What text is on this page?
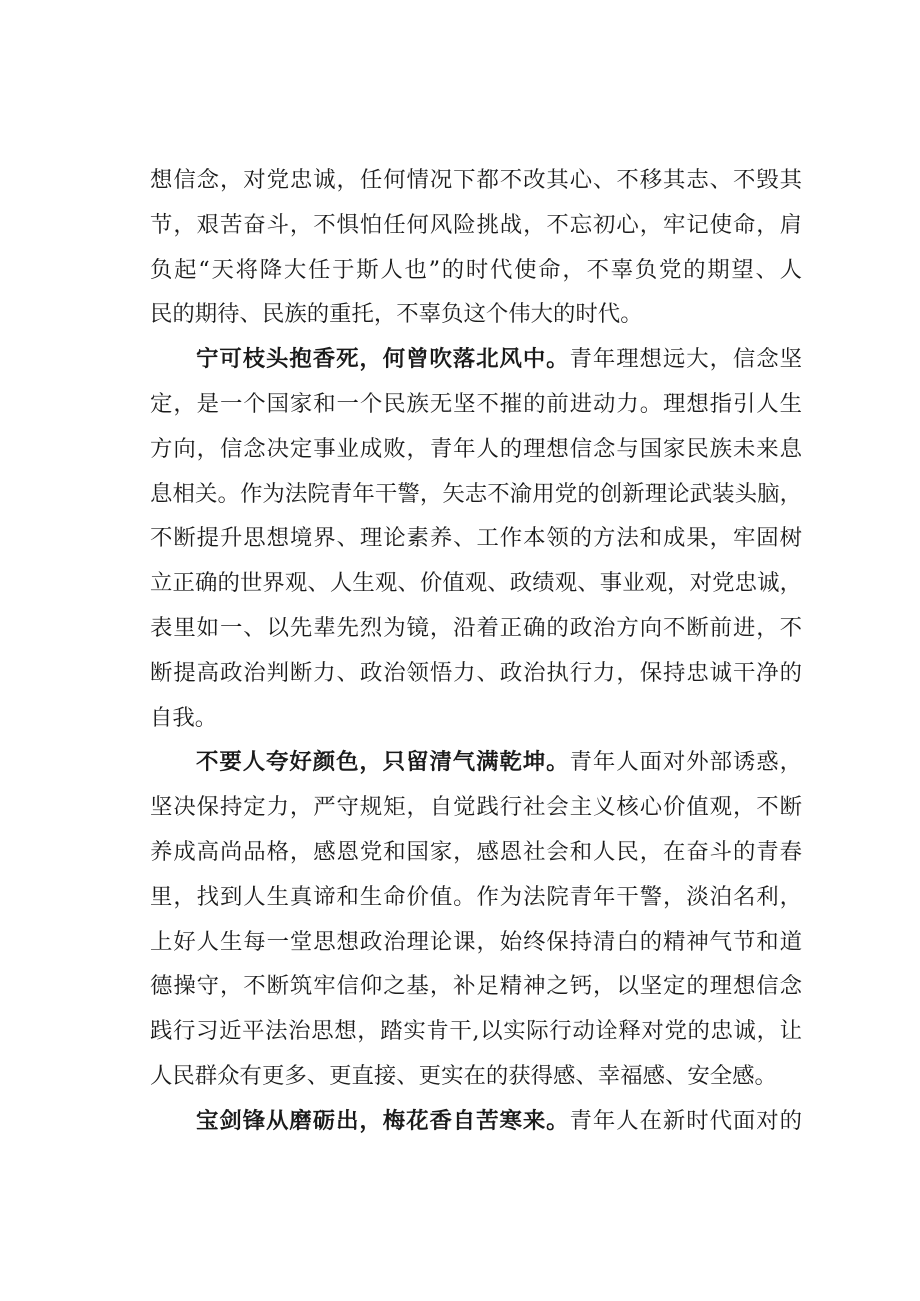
想信念，对党忠诚，任何情况下都不改其心、不移其志、不毁其
节，艰苦奋斗，不惧怕任何风险挑战，不忘初心，牢记使命，肩
负起“天将降大任于斯人也”的时代使命，不辜负党的期望、人
民的期待、民族的重托，不辜负这个伟大的时代。
宁可枝头抱香死，何曾吹落北风中。青年理想远大，信念坚
定，是一个国家和一个民族无坚不摧的前进动力。理想指引人生
方向，信念决定事业成败，青年人的理想信念与国家民族未来息
息相关。作为法院青年干警，矢志不渝用党的创新理论武装头脑，
不断提升思想境界、理论素养、工作本领的方法和成果，牢固树
立正确的世界观、人生观、价值观、政绩观、事业观，对党忠诚，
表里如一、以先辈先烈为镜，沿着正确的政治方向不断前进，不
断提高政治判断力、政治领悟力、政治执行力，保持忠诚干净的
自我。
不要人夸好颜色，只留清气满乾坤。青年人面对外部诱惑，
坚决保持定力，严守规矩，自觉践行社会主义核心价值观，不断
养成高尚品格，感恩党和国家，感恩社会和人民，在奋斗的青春
里，找到人生真谛和生命价值。作为法院青年干警，淡泊名利，
上好人生每一堂思想政治理论课，始终保持清白的精神气节和道
德操守，不断筑牢信仰之基，补足精神之钙，以坚定的理想信念
践行习近平法治思想，踏实肯干,以实际行动诠释对党的忠诚，让
人民群众有更多、更直接、更实在的获得感、幸福感、安全感。
宝剑锋从磨砺出，梅花香自苦寒来。青年人在新时代面对的
